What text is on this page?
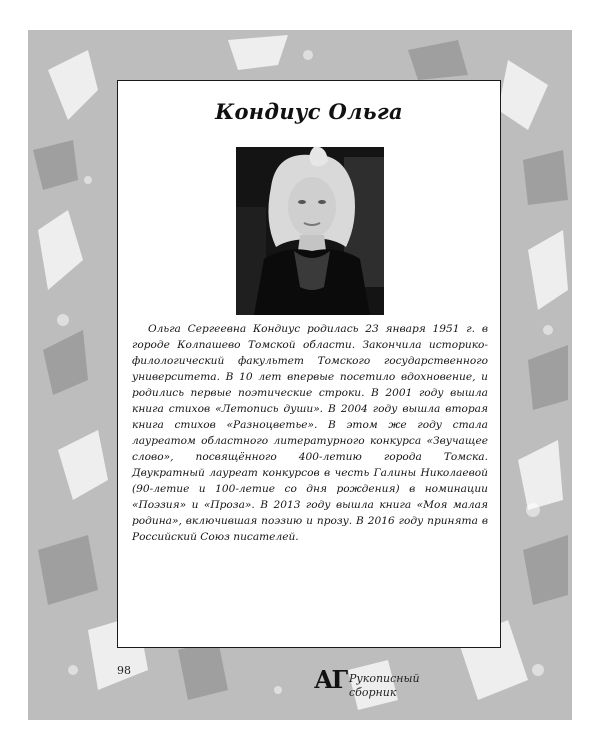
Кондиус Ольга

Ольга Сергеевна Кондиус родилась 23 января 1951 г. в городе Колпашево Томской области. Закончила историко-филологический факультет Томского государственного университета. В 10 лет впервые посетило вдохновение, и родились первые поэтические строки. В 2001 году вышла книга стихов «Летопись души». В 2004 году вышла вторая книга стихов «Разноцветье». В этом же году стала лауреатом областного литературного конкурса «Звучащее слово», посвящённого 400-летию города Томска. Двукратный лауреат конкурсов в честь Галины Николаевой (90-летие и 100-летие со дня рождения) в номинации «Поэзия» и «Проза». В 2013 году вышла книга «Моя малая родина», включившая поэзию и прозу. В 2016 году принята в Российский Союз писателей.

98	АГ Рукописный
сборник
